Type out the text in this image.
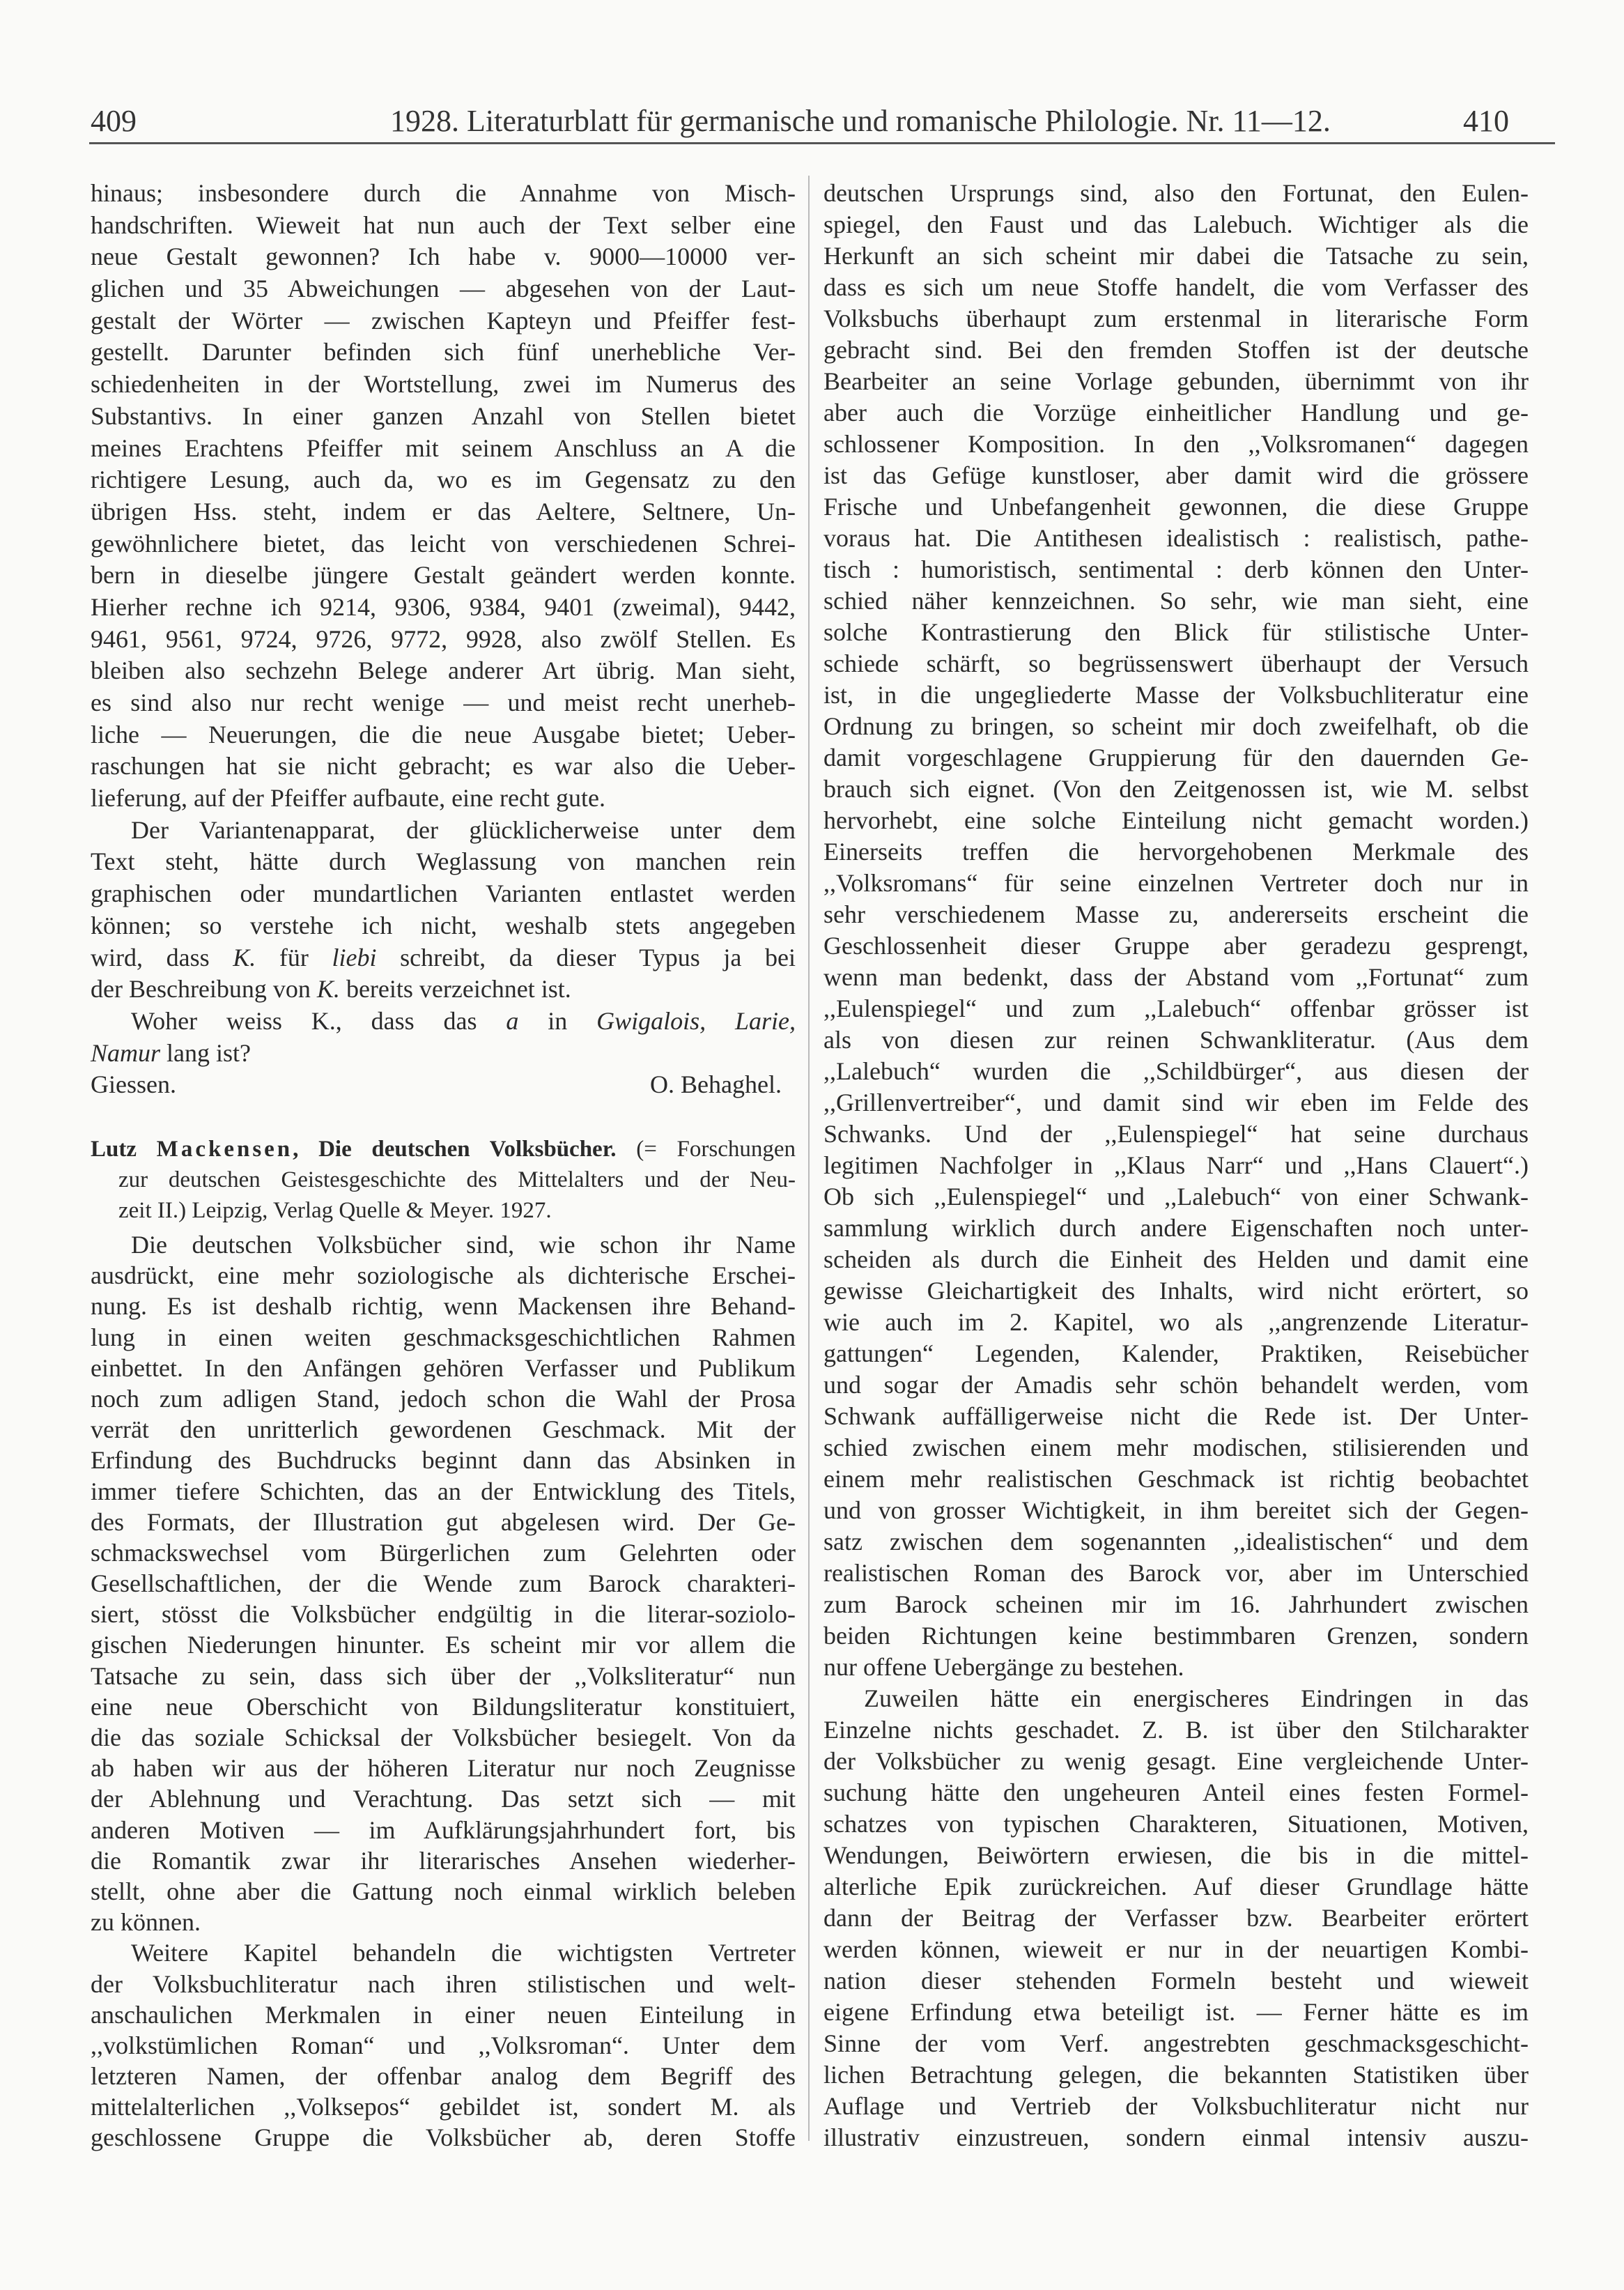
409	1928. Literaturblatt für germanische und romanische Philologie. Nr. 11—12.	410
hinaus; insbesondere durch die Annahme von Misch-
handschriften. Wieweit hat nun auch der Text selber eine
neue Gestalt gewonnen? Ich habe v. 9000—10000 ver-
glichen und 35 Abweichungen — abgesehen von der Laut-
gestalt der Wörter — zwischen Kapteyn und Pfeiffer fest-
gestellt. Darunter befinden sich fünf unerhebliche Ver-
schiedenheiten in der Wortstellung, zwei im Numerus des
Substantivs. In einer ganzen Anzahl von Stellen bietet
meines Erachtens Pfeiffer mit seinem Anschluss an A die
richtigere Lesung, auch da, wo es im Gegensatz zu den
übrigen Hss. steht, indem er das Aeltere, Seltnere, Un-
gewöhnlichere bietet, das leicht von verschiedenen Schrei-
bern in dieselbe jüngere Gestalt geändert werden konnte.
Hierher rechne ich 9214, 9306, 9384, 9401 (zweimal), 9442,
9461, 9561, 9724, 9726, 9772, 9928, also zwölf Stellen. Es
bleiben also sechzehn Belege anderer Art übrig. Man sieht,
es sind also nur recht wenige — und meist recht unerheb-
liche — Neuerungen, die die neue Ausgabe bietet; Ueber-
raschungen hat sie nicht gebracht; es war also die Ueber-
lieferung, auf der Pfeiffer aufbaute, eine recht gute.
Der Variantenapparat, der glücklicherweise unter dem
Text steht, hätte durch Weglassung von manchen rein
graphischen oder mundartlichen Varianten entlastet werden
können; so verstehe ich nicht, weshalb stets angegeben
wird, dass K. für liebi schreibt, da dieser Typus ja bei
der Beschreibung von K. bereits verzeichnet ist.
Woher weiss K., dass das a in Gwigalois, Larie,
Namur lang ist?
Giessen.	O. Behaghel.
Lutz Mackensen, Die deutschen Volksbücher. (= Forschungen
zur deutschen Geistesgeschichte des Mittelalters und der Neu-
zeit II.) Leipzig, Verlag Quelle & Meyer. 1927.
Die deutschen Volksbücher sind, wie schon ihr Name
ausdrückt, eine mehr soziologische als dichterische Erschei-
nung. Es ist deshalb richtig, wenn Mackensen ihre Behand-
lung in einen weiten geschmacksgeschichtlichen Rahmen
einbettet. In den Anfängen gehören Verfasser und Publikum
noch zum adligen Stand, jedoch schon die Wahl der Prosa
verrät den unritterlich gewordenen Geschmack. Mit der
Erfindung des Buchdrucks beginnt dann das Absinken in
immer tiefere Schichten, das an der Entwicklung des Titels,
des Formats, der Illustration gut abgelesen wird. Der Ge-
schmackswechsel vom Bürgerlichen zum Gelehrten oder
Gesellschaftlichen, der die Wende zum Barock charakteri-
siert, stösst die Volksbücher endgültig in die literar-soziolo-
gischen Niederungen hinunter. Es scheint mir vor allem die
Tatsache zu sein, dass sich über der ,,Volksliteratur“ nun
eine neue Oberschicht von Bildungsliteratur konstituiert,
die das soziale Schicksal der Volksbücher besiegelt. Von da
ab haben wir aus der höheren Literatur nur noch Zeugnisse
der Ablehnung und Verachtung. Das setzt sich — mit
anderen Motiven — im Aufklärungsjahrhundert fort, bis
die Romantik zwar ihr literarisches Ansehen wiederher-
stellt, ohne aber die Gattung noch einmal wirklich beleben
zu können.
Weitere Kapitel behandeln die wichtigsten Vertreter
der Volksbuchliteratur nach ihren stilistischen und welt-
anschaulichen Merkmalen in einer neuen Einteilung in
,,volkstümlichen Roman“ und ,,Volksroman“. Unter dem
letzteren Namen, der offenbar analog dem Begriff des
mittelalterlichen ,,Volksepos“ gebildet ist, sondert M. als
geschlossene Gruppe die Volksbücher ab, deren Stoffe
deutschen Ursprungs sind, also den Fortunat, den Eulen-
spiegel, den Faust und das Lalebuch. Wichtiger als die
Herkunft an sich scheint mir dabei die Tatsache zu sein,
dass es sich um neue Stoffe handelt, die vom Verfasser des
Volksbuchs überhaupt zum erstenmal in literarische Form
gebracht sind. Bei den fremden Stoffen ist der deutsche
Bearbeiter an seine Vorlage gebunden, übernimmt von ihr
aber auch die Vorzüge einheitlicher Handlung und ge-
schlossener Komposition. In den ,,Volksromanen“ dagegen
ist das Gefüge kunstloser, aber damit wird die grössere
Frische und Unbefangenheit gewonnen, die diese Gruppe
voraus hat. Die Antithesen idealistisch : realistisch, pathe-
tisch : humoristisch, sentimental : derb können den Unter-
schied näher kennzeichnen. So sehr, wie man sieht, eine
solche Kontrastierung den Blick für stilistische Unter-
schiede schärft, so begrüssenswert überhaupt der Versuch
ist, in die ungegliederte Masse der Volksbuchliteratur eine
Ordnung zu bringen, so scheint mir doch zweifelhaft, ob die
damit vorgeschlagene Gruppierung für den dauernden Ge-
brauch sich eignet. (Von den Zeitgenossen ist, wie M. selbst
hervorhebt, eine solche Einteilung nicht gemacht worden.)
Einerseits treffen die hervorgehobenen Merkmale des
,,Volksromans“ für seine einzelnen Vertreter doch nur in
sehr verschiedenem Masse zu, andererseits erscheint die
Geschlossenheit dieser Gruppe aber geradezu gesprengt,
wenn man bedenkt, dass der Abstand vom ,,Fortunat“ zum
,,Eulenspiegel“ und zum ,,Lalebuch“ offenbar grösser ist
als von diesen zur reinen Schwankliteratur. (Aus dem
,,Lalebuch“ wurden die ,,Schildbürger“, aus diesen der
,,Grillenvertreiber“, und damit sind wir eben im Felde des
Schwanks. Und der ,,Eulenspiegel“ hat seine durchaus
legitimen Nachfolger in ,,Klaus Narr“ und ,,Hans Clauert“.)
Ob sich ,,Eulenspiegel“ und ,,Lalebuch“ von einer Schwank-
sammlung wirklich durch andere Eigenschaften noch unter-
scheiden als durch die Einheit des Helden und damit eine
gewisse Gleichartigkeit des Inhalts, wird nicht erörtert, so
wie auch im 2. Kapitel, wo als ,,angrenzende Literatur-
gattungen“ Legenden, Kalender, Praktiken, Reisebücher
und sogar der Amadis sehr schön behandelt werden, vom
Schwank auffälligerweise nicht die Rede ist. Der Unter-
schied zwischen einem mehr modischen, stilisierenden und
einem mehr realistischen Geschmack ist richtig beobachtet
und von grosser Wichtigkeit, in ihm bereitet sich der Gegen-
satz zwischen dem sogenannten ,,idealistischen“ und dem
realistischen Roman des Barock vor, aber im Unterschied
zum Barock scheinen mir im 16. Jahrhundert zwischen
beiden Richtungen keine bestimmbaren Grenzen, sondern
nur offene Uebergänge zu bestehen.
Zuweilen hätte ein energischeres Eindringen in das
Einzelne nichts geschadet. Z. B. ist über den Stilcharakter
der Volksbücher zu wenig gesagt. Eine vergleichende Unter-
suchung hätte den ungeheuren Anteil eines festen Formel-
schatzes von typischen Charakteren, Situationen, Motiven,
Wendungen, Beiwörtern erwiesen, die bis in die mittel-
alterliche Epik zurückreichen. Auf dieser Grundlage hätte
dann der Beitrag der Verfasser bzw. Bearbeiter erörtert
werden können, wieweit er nur in der neuartigen Kombi-
nation dieser stehenden Formeln besteht und wieweit
eigene Erfindung etwa beteiligt ist. — Ferner hätte es im
Sinne der vom Verf. angestrebten geschmacksgeschicht-
lichen Betrachtung gelegen, die bekannten Statistiken über
Auflage und Vertrieb der Volksbuchliteratur nicht nur
illustrativ einzustreuen, sondern einmal intensiv auszu-
